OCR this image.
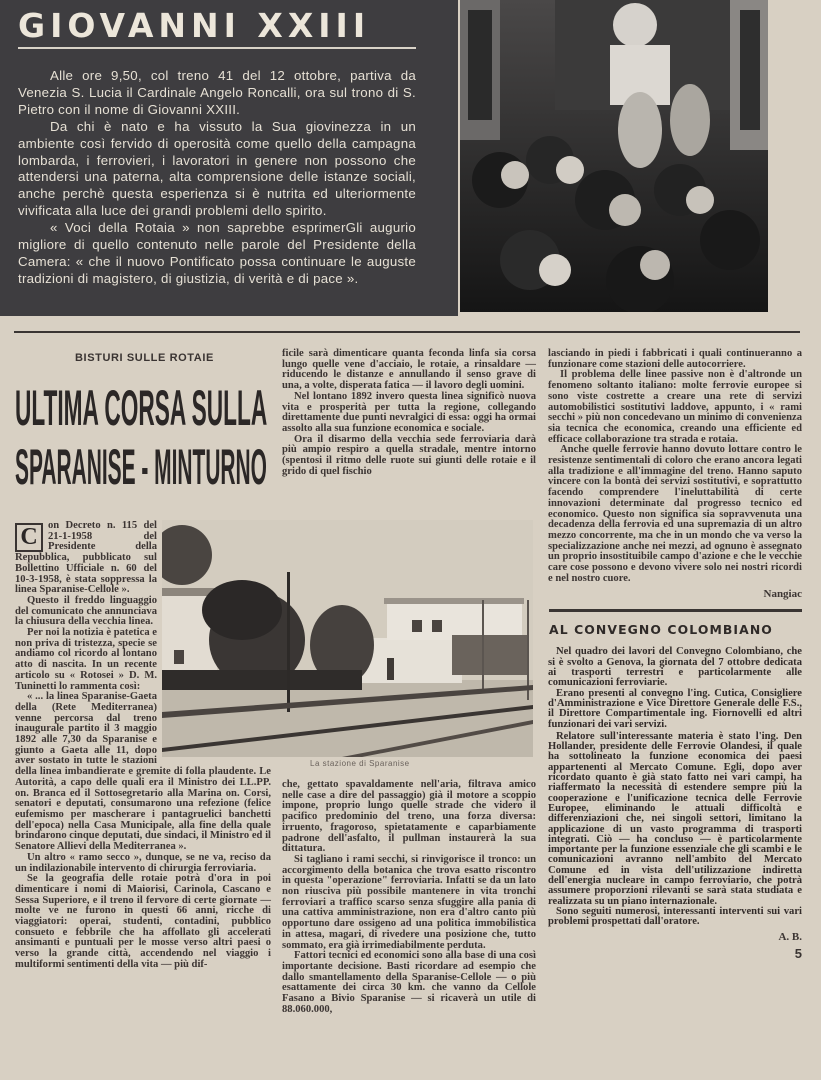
GIOVANNI XXIII

Alle ore 9,50, col treno 41 del 12 ottobre, partiva da Venezia S. Lucia il Cardinale Angelo Roncalli, ora sul trono di S. Pietro con il nome di Giovanni XXIII.

Da chi è nato e ha vissuto la Sua giovinezza in un ambiente così fervido di operosità come quello della campagna lombarda, i ferrovieri, i lavoratori in genere non possono che attendersi una paterna, alta comprensione delle istanze sociali, anche perchè questa esperienza si è nutrita ed ulteriormente vivificata alla luce dei grandi problemi dello spirito.

« Voci della Rotaia » non saprebbe esprimerGli augurio migliore di quello contenuto nelle parole del Presidente della Camera: « che il nuovo Pontificato possa continuare le auguste tradizioni di magistero, di giustizia, di verità e di pace ».

BISTURI SULLE ROTAIE
ULTIMA CORSA SULLA
SPARANISE - MINTURNO
C on Decreto n. 115 del 21-1-1958 del Presidente della Repubblica, pubblicato sul Bollettino Ufficiale n. 60 del 10-3-1958, è stata soppressa la linea Sparanise-Cellole ».

Questo il freddo linguaggio del comunicato che annunciava la chiusura della vecchia linea.

Per noi la notizia è patetica e non priva di tristezza, specie se andiamo col ricordo al lontano atto di nascita. In un recente articolo su « Rotosei » D. M. Tuninetti lo rammenta così:

« ... la linea Sparanise-Gaeta della (Rete Mediterranea) venne percorsa dal treno inaugurale partito il 3 maggio 1892 alle 7,30 da Sparanise e giunto a Gaeta alle 11, dopo aver sostato in tutte le stazioni della linea imbandierate e gremite di folla plaudente. Le Autorità, a capo delle quali era il Ministro dei LL.PP. on. Branca ed il Sottosegretario alla Marina on. Corsi, senatori e deputati, consumarono una refezione (felice eufemismo per mascherare i pantagruelici banchetti dell'epoca) nella Casa Municipale, alla fine della quale brindarono cinque deputati, due sindaci, il Ministro ed il Senatore Allievi della Mediterranea ».

Un altro « ramo secco », dunque, se ne va, reciso da un indilazionabile intervento di chirurgia ferroviaria.

Se la geografia delle rotaie potrà d'ora in poi dimenticare i nomi di Maiorisi, Carinola, Cascano e Sessa Superiore, e il treno il fervore di certe giornate — molte ve ne furono in questi 66 anni, ricche di viaggiatori: operai, studenti, contadini, pubblico consueto e febbrile che ha affollato gli accelerati ansimanti e puntuali per le mosse verso altri paesi o verso la grande città, accendendo nel viaggio i multiformi sentimenti della vita — più dif-

ficile sarà dimenticare quanta feconda linfa sia corsa lungo quelle vene d'acciaio, le rotaie, a rinsaldare — riducendo le distanze e annullando il senso grave di una, a volte, disperata fatica — il lavoro degli uomini.

Nel lontano 1892 invero questa linea significò nuova vita e prosperità per tutta la regione, collegando direttamente due punti nevralgici di essa: oggi ha ormai assolto alla sua funzione economica e sociale.

Ora il disarmo della vecchia sede ferroviaria darà più ampio respiro a quella stradale, mentre intorno (spentosi il ritmo delle ruote sui giunti delle rotaie e il grido di quel fischio

La stazione di Sparanise

che, gettato spavaldamente nell'aria, filtrava amico nelle case a dire del passaggio) già il motore a scoppio impone, proprio lungo quelle strade che videro il pacifico predominio del treno, una forza diversa: irruento, fragoroso, spietatamente e caparbiamente padrone dell'asfalto, il pullman instaurerà la sua dittatura.

Si tagliano i rami secchi, si rinvigorisce il tronco: un accorgimento della botanica che trova esatto riscontro in questa "operazione" ferroviaria. Infatti se da un lato non riusciva più possibile mantenere in vita tronchi ferroviari a traffico scarso senza sfuggire alla pania di una cattiva amministrazione, non era d'altro canto più opportuno dare ossigeno ad una politica immobilistica in attesa, magari, di rivedere una posizione che, tutto sommato, era già irrimediabilmente perduta.

Fattori tecnici ed economici sono alla base di una così importante decisione. Basti ricordare ad esempio che dallo smantellamento della Sparanise-Cellole — o più esattamente dei circa 30 km. che vanno da Cellole Fasano a Bivio Sparanise — si ricaverà un utile di 88.060.000,

lasciando in piedi i fabbricati i quali continueranno a funzionare come stazioni delle autocorriere.

Il problema delle linee passive non è d'altronde un fenomeno soltanto italiano: molte ferrovie europee si sono viste costrette a creare una rete di servizi automobilistici sostitutivi laddove, appunto, i « rami secchi » più non concedevano un minimo di convenienza sia tecnica che economica, creando una efficiente ed efficace collaborazione tra strada e rotaia.

Anche quelle ferrovie hanno dovuto lottare contro le resistenze sentimentali di coloro che erano ancora legati alla tradizione e all'immagine del treno. Hanno saputo vincere con la bontà dei servizi sostitutivi, e soprattutto facendo comprendere l'ineluttabilità di certe innovazioni determinate dal progresso tecnico ed economico. Questo non significa sia sopravvenuta una decadenza della ferrovia ed una supremazia di un altro mezzo concorrente, ma che in un mondo che va verso la specializzazione anche nei mezzi, ad ognuno è assegnato un proprio insostituibile campo d'azione e che le vecchie care cose possono e devono vivere solo nei nostri ricordi e nel nostro cuore.

Nangiac
AL CONVEGNO COLOMBIANO

Nel quadro dei lavori del Convegno Colombiano, che si è svolto a Genova, la giornata del 7 ottobre dedicata ai trasporti terrestri e particolarmente alle comunicazioni ferroviarie.

Erano presenti al convegno l'ing. Cutica, Consigliere d'Amministrazione e Vice Direttore Generale delle F.S., il Direttore Compartimentale ing. Fiornovelli ed altri funzionari dei vari servizi.

Relatore sull'interessante materia è stato l'ing. Den Hollander, presidente delle Ferrovie Olandesi, il quale ha sottolineato la funzione economica dei paesi appartenenti al Mercato Comune. Egli, dopo aver ricordato quanto è già stato fatto nei vari campi, ha riaffermato la necessità di estendere sempre più la cooperazione e l'unificazione tecnica delle Ferrovie Europee, eliminando le attuali difficoltà e differenziazioni che, nei singoli settori, limitano la applicazione di un vasto programma di trasporti integrati. Ciò — ha concluso — è particolarmente importante per la funzione essenziale che gli scambi e le comunicazioni avranno nell'ambito del Mercato Comune ed in vista dell'utilizzazione indiretta dell'energia nucleare in campo ferroviario, che potrà assumere proporzioni rilevanti se sarà stata studiata e realizzata su un piano internazionale.

Sono seguiti numerosi, interessanti interventi sui vari problemi prospettati dall'oratore.

A. B.
5
